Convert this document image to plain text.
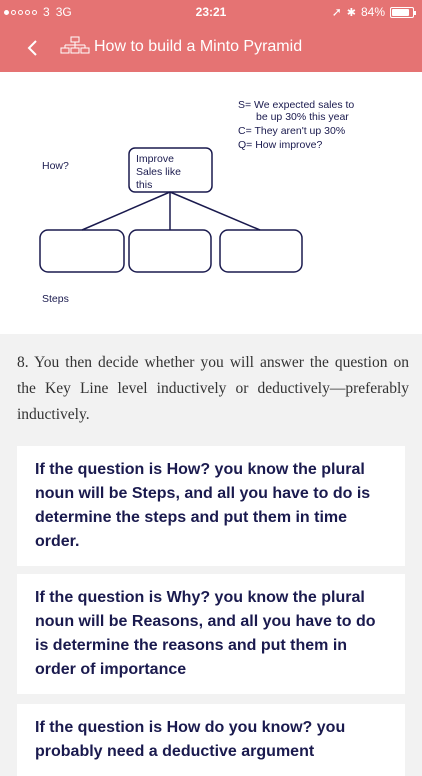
3 3G	23:21	➚ ✱ 84%
How to build a Minto Pyramid
S= We expected sales to
be up 30% this year
C= They aren't up 30%
Q= How improve?
How?
Improve
Sales like
this
Steps

8. You then decide whether you will answer the question on the Key Line level inductively or deductively—preferably inductively.

If the question is How? you know the plural noun will be Steps, and all you have to do is determine the steps and put them in time order.
If the question is Why? you know the plural noun will be Reasons, and all you have to do is determine the reasons and put them in order of importance
If the question is How do you know? you probably need a deductive argument
